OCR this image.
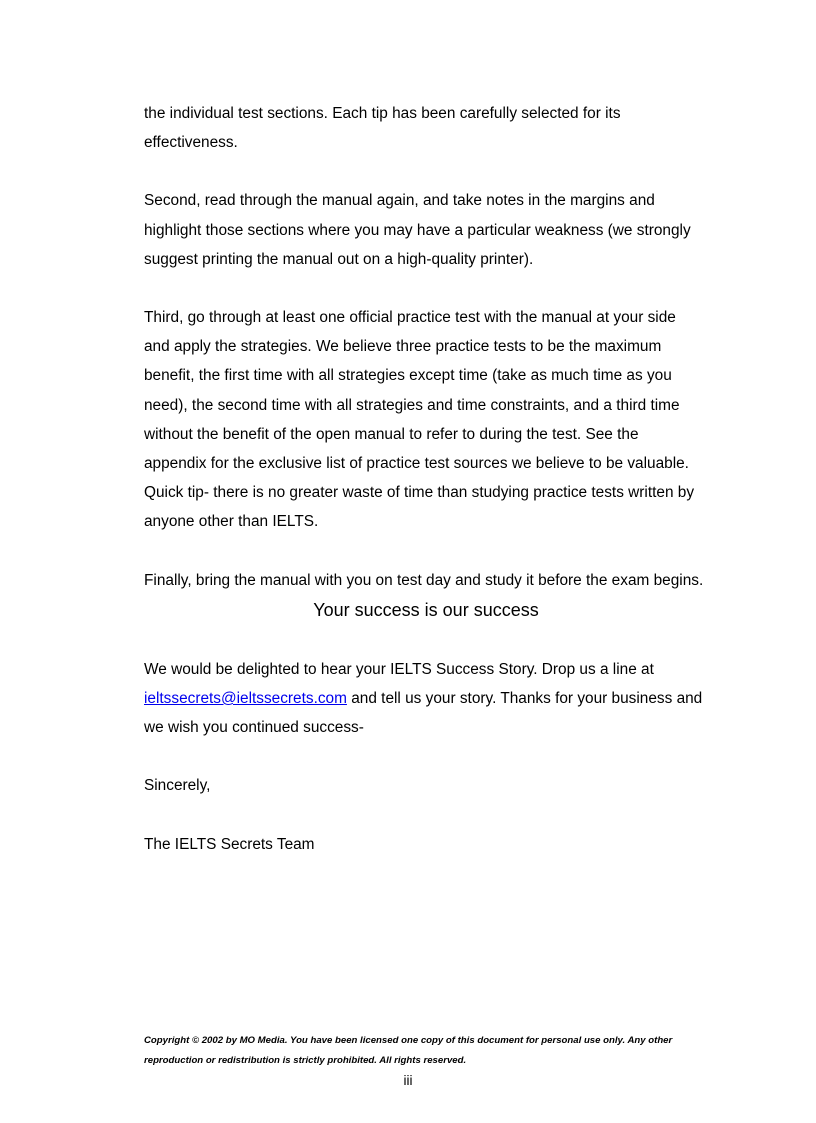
the individual test sections. Each tip has been carefully selected for its effectiveness.

Second, read through the manual again, and take notes in the margins and highlight those sections where you may have a particular weakness (we strongly suggest printing the manual out on a high-quality printer).

Third, go through at least one official practice test with the manual at your side and apply the strategies. We believe three practice tests to be the maximum benefit, the first time with all strategies except time (take as much time as you need), the second time with all strategies and time constraints, and a third time without the benefit of the open manual to refer to during the test. See the appendix for the exclusive list of practice test sources we believe to be valuable. Quick tip- there is no greater waste of time than studying practice tests written by anyone other than IELTS.

Finally, bring the manual with you on test day and study it before the exam begins.

Your success is our success

We would be delighted to hear your IELTS Success Story. Drop us a line at ieltssecrets@ieltssecrets.com and tell us your story. Thanks for your business and we wish you continued success-

Sincerely,

The IELTS Secrets Team

Copyright © 2002 by MO Media. You have been licensed one copy of this document for personal use only. Any other reproduction or redistribution is strictly prohibited. All rights reserved.

iii
